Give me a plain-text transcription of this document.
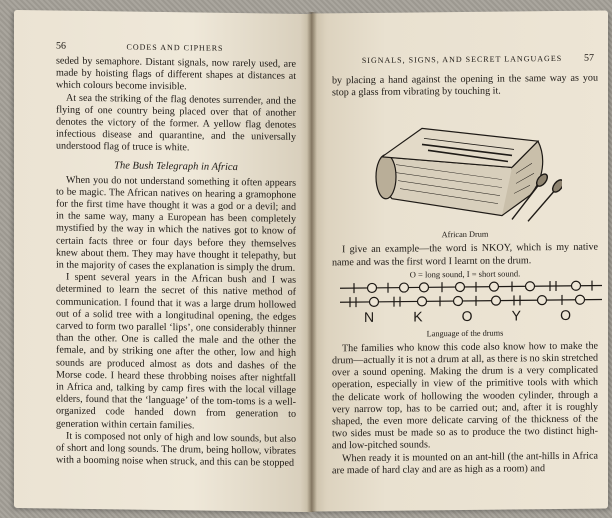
56	CODES AND CIPHERS

seded by semaphore. Distant signals, now rarely used, are made by hoisting flags of different shapes at distances at which colours become invisible.

At sea the striking of the flag denotes surrender, and the flying of one country being placed over that of another denotes the victory of the former. A yellow flag denotes infectious disease and quarantine, and the universally understood flag of truce is white.

The Bush Telegraph in Africa

When you do not understand something it often appears to be magic. The African natives on hearing a gramophone for the first time have thought it was a god or a devil; and in the same way, many a European has been completely mystified by the way in which the natives got to know of certain facts three or four days before they themselves knew about them. They may have thought it telepathy, but in the majority of cases the explanation is simply the drum.

I spent several years in the African bush and I was determined to learn the secret of this native method of communication. I found that it was a large drum hollowed out of a solid tree with a longitudinal opening, the edges carved to form two parallel ‘lips’, one considerably thinner than the other. One is called the male and the other the female, and by striking one after the other, low and high sounds are produced almost as dots and dashes of the Morse code. I heard these throbbing noises after nightfall in Africa and, talking by camp fires with the local village elders, found that the ‘language’ of the tom-toms is a well-organized code handed down from generation to generation within certain families.

It is composed not only of high and low sounds, but also of short and long sounds. The drum, being hollow, vibrates with a booming noise when struck, and this can be stopped

SIGNALS, SIGNS, AND SECRET LANGUAGES 57

by placing a hand against the opening in the same way as you stop a glass from vibrating by touching it.

African Drum

I give an example—the word is NKOY, which is my native name and was the first word I learnt on the drum.

O = long sound, I = short sound.
N	K	O	Y	O
Language of the drums

The families who know this code also know how to make the drum—actually it is not a drum at all, as there is no skin stretched over a sound opening. Making the drum is a very complicated operation, especially in view of the primitive tools with which the delicate work of hollowing the wooden cylinder, through a very narrow top, has to be carried out; and, after it is roughly shaped, the even more delicate carving of the thickness of the two sides must be made so as to produce the two distinct high- and low-pitched sounds.

When ready it is mounted on an ant-hill (the ant-hills in Africa are made of hard clay and are as high as a room) and
